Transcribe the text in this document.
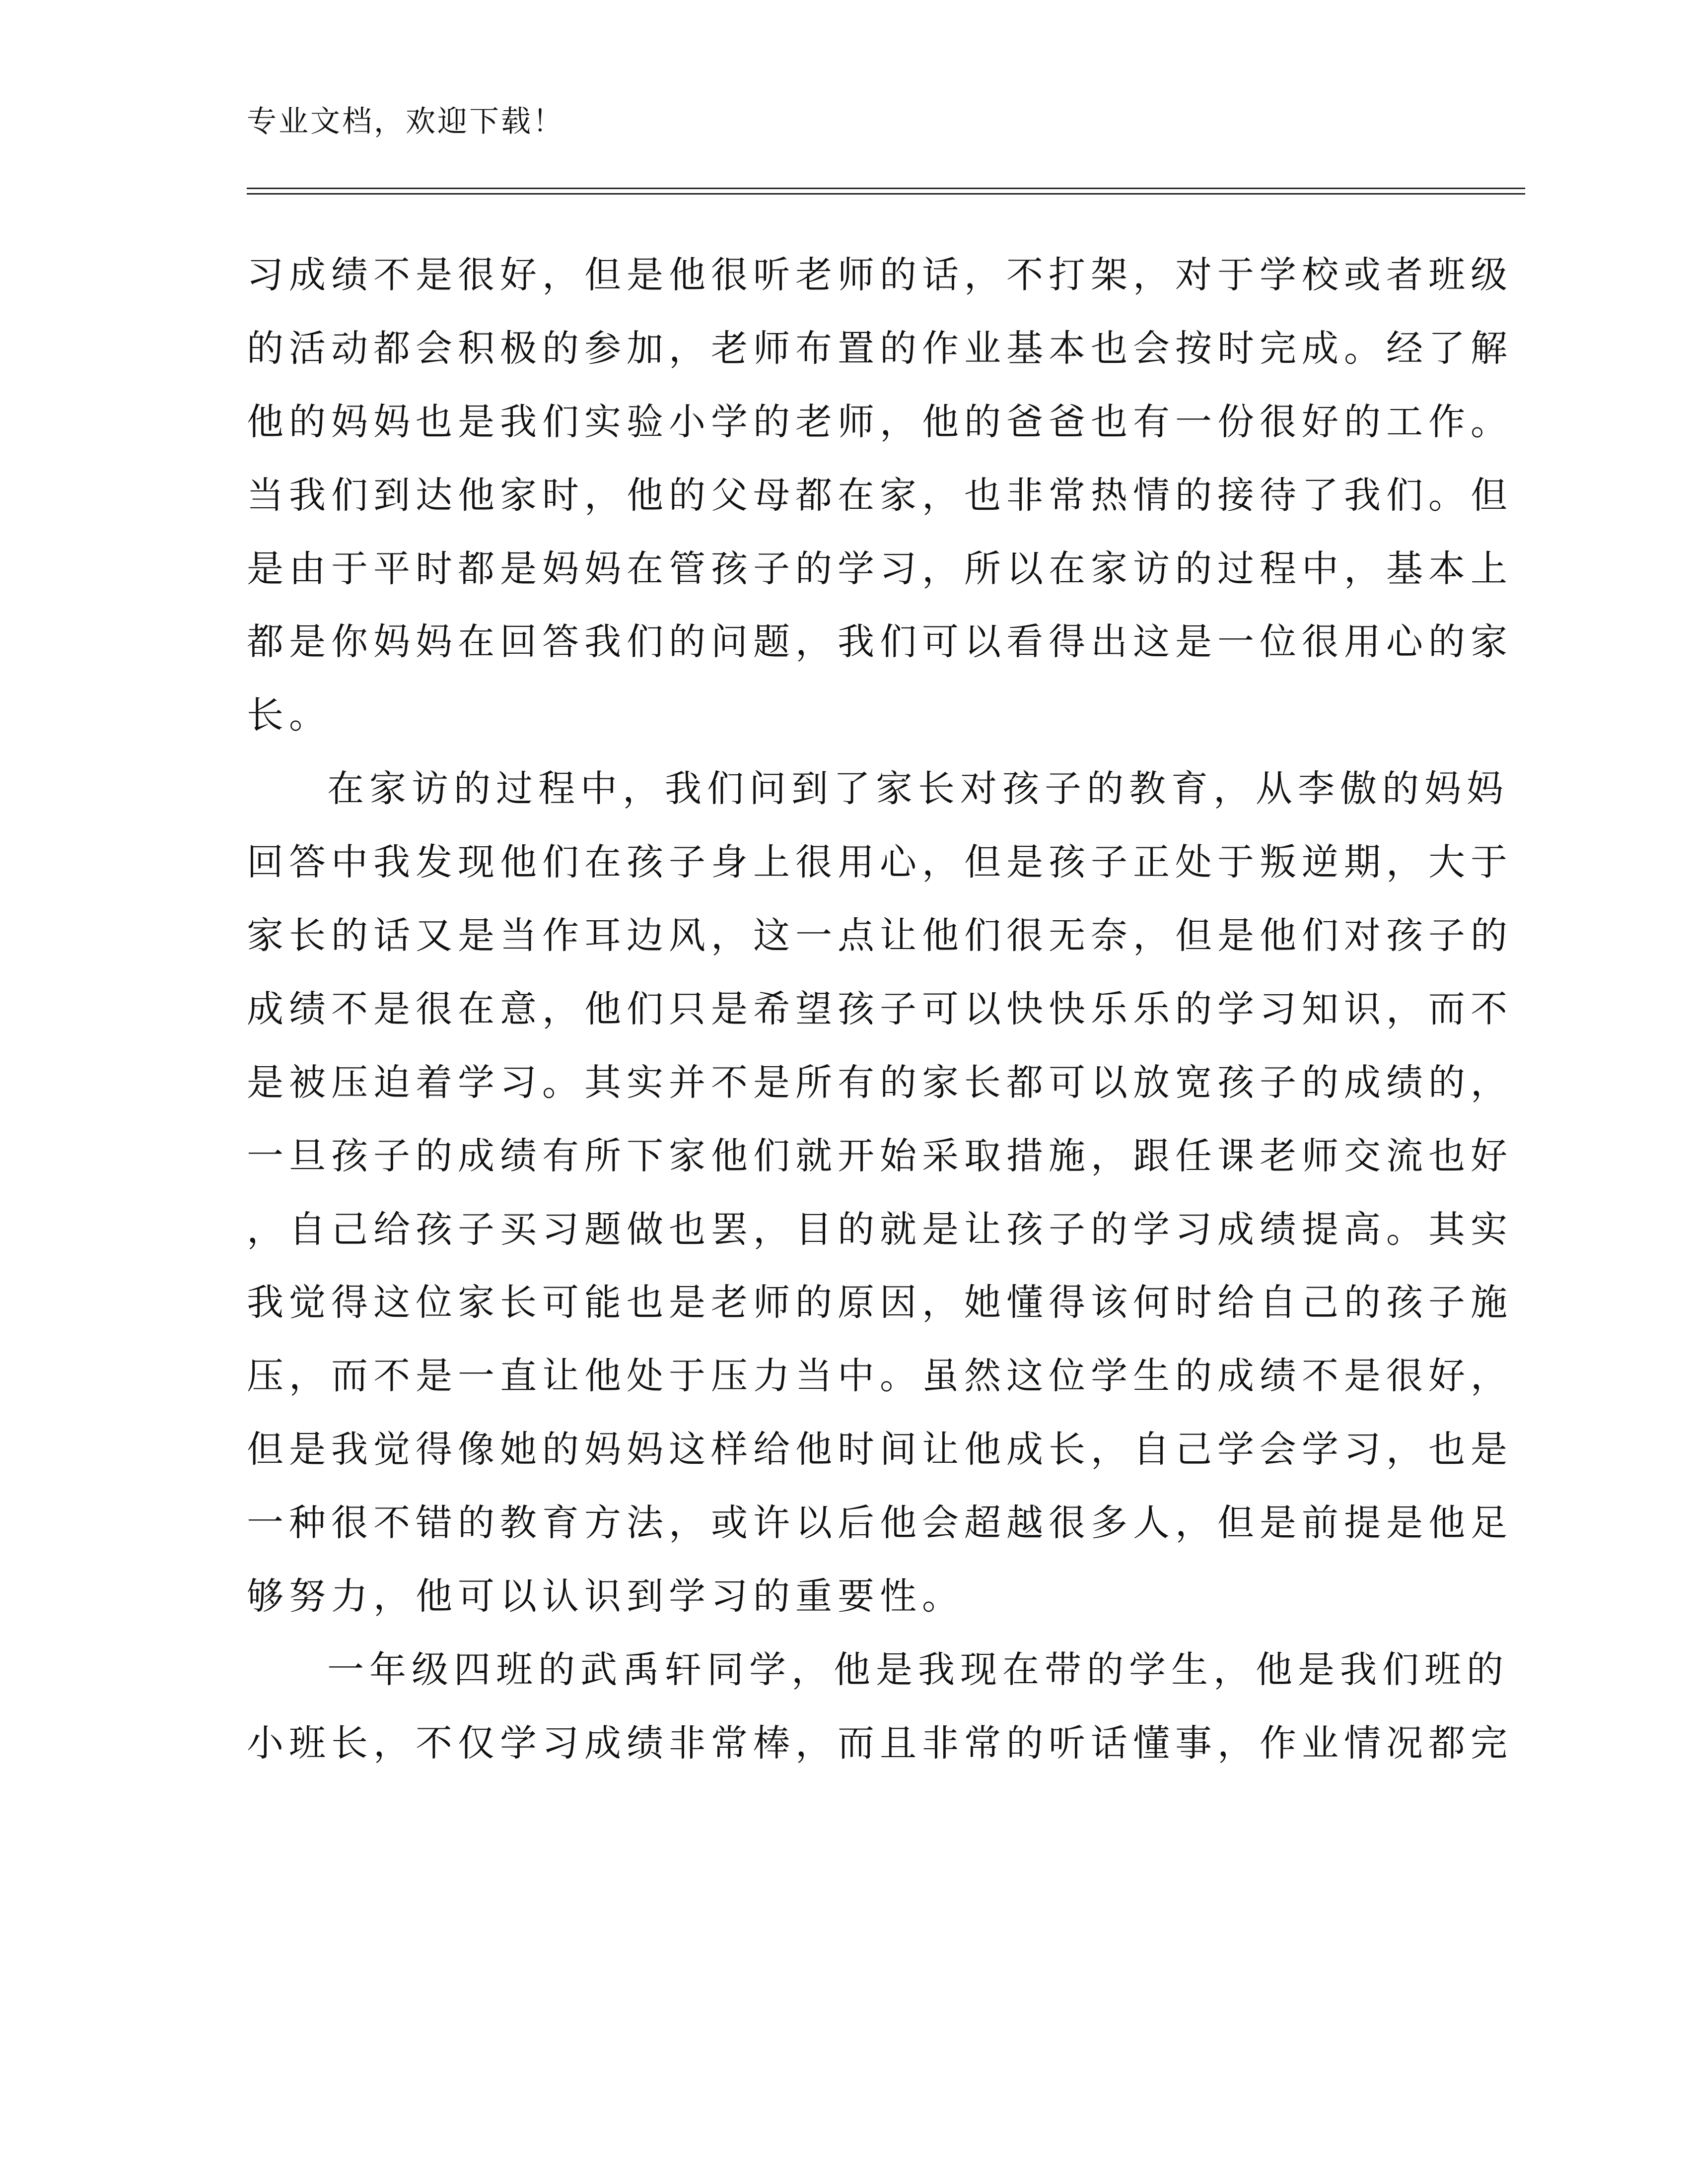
专业文档，欢迎下载！
习成绩不是很好，但是他很听老师的话，不打架，对于学校或者班级
的活动都会积极的参加，老师布置的作业基本也会按时完成。经了解
他的妈妈也是我们实验小学的老师，他的爸爸也有一份很好的工作。
当我们到达他家时，他的父母都在家，也非常热情的接待了我们。但
是由于平时都是妈妈在管孩子的学习，所以在家访的过程中，基本上
都是你妈妈在回答我们的问题，我们可以看得出这是一位很用心的家
长。
在家访的过程中，我们问到了家长对孩子的教育，从李傲的妈妈
回答中我发现他们在孩子身上很用心，但是孩子正处于叛逆期，大于
家长的话又是当作耳边风，这一点让他们很无奈，但是他们对孩子的
成绩不是很在意，他们只是希望孩子可以快快乐乐的学习知识，而不
是被压迫着学习。其实并不是所有的家长都可以放宽孩子的成绩的，
一旦孩子的成绩有所下家他们就开始采取措施，跟任课老师交流也好
，自己给孩子买习题做也罢，目的就是让孩子的学习成绩提高。其实
我觉得这位家长可能也是老师的原因，她懂得该何时给自己的孩子施
压，而不是一直让他处于压力当中。虽然这位学生的成绩不是很好，
但是我觉得像她的妈妈这样给他时间让他成长，自己学会学习，也是
一种很不错的教育方法，或许以后他会超越很多人，但是前提是他足
够努力，他可以认识到学习的重要性。
一年级四班的武禹轩同学，他是我现在带的学生，他是我们班的
小班长，不仅学习成绩非常棒，而且非常的听话懂事，作业情况都完
